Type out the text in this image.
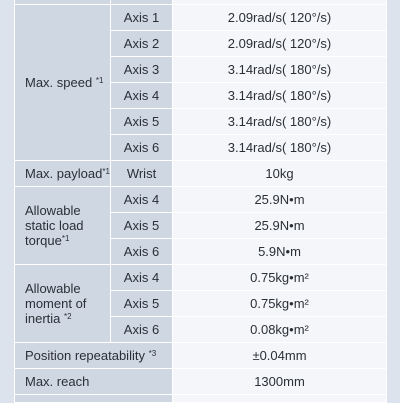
Max. speed $^{*1}$	Axis 1	2.09rad/s( 120°/s)
	Axis 2	2.09rad/s( 120°/s)
	Axis 3	3.14rad/s( 180°/s)
	Axis 4	3.14rad/s( 180°/s)
	Axis 5	3.14rad/s( 180°/s)
	Axis 6	3.14rad/s( 180°/s)
Max. payload$^{*1}$	Wrist	10kg
Allowable
static load
torque$^{*1}$	Axis 4	25.9N•m
	Axis 5	25.9N•m
	Axis 6	5.9N•m
Allowable
moment of
inertia $^{*2}$	Axis 4	0.75kg•m²
	Axis 5	0.75kg•m²
	Axis 6	0.08kg•m²
Position repeatability $^{*3}$		±0.04mm
Max. reach		1300mm
